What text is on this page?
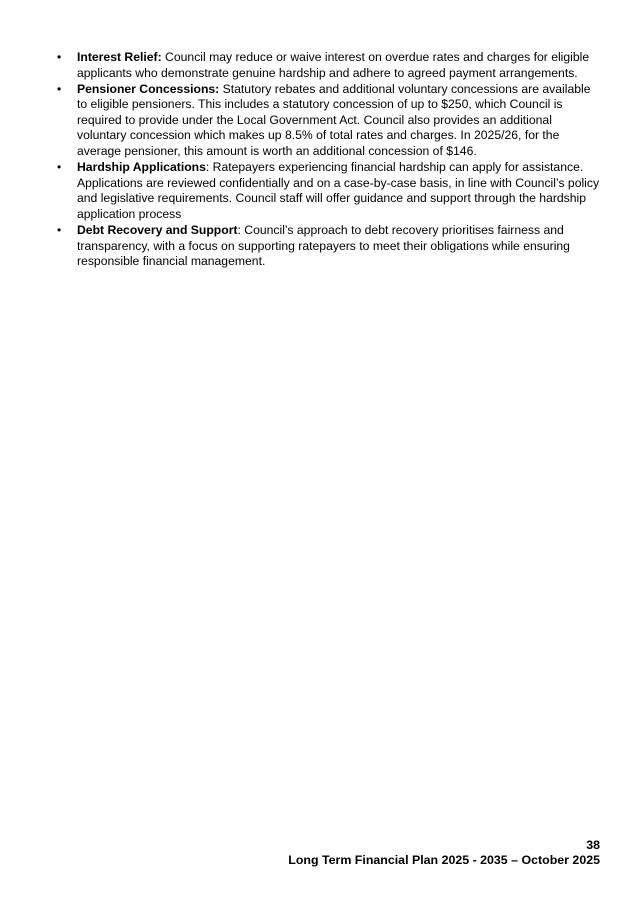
• Interest Relief: Council may reduce or waive interest on overdue rates and charges for eligible applicants who demonstrate genuine hardship and adhere to agreed payment arrangements.
• Pensioner Concessions: Statutory rebates and additional voluntary concessions are available to eligible pensioners. This includes a statutory concession of up to $250, which Council is required to provide under the Local Government Act. Council also provides an additional voluntary concession which makes up 8.5% of total rates and charges. In 2025/26, for the average pensioner, this amount is worth an additional concession of $146.
• Hardship Applications: Ratepayers experiencing financial hardship can apply for assistance. Applications are reviewed confidentially and on a case-by-case basis, in line with Council’s policy and legislative requirements. Council staff will offer guidance and support through the hardship application process
• Debt Recovery and Support: Council’s approach to debt recovery prioritises fairness and transparency, with a focus on supporting ratepayers to meet their obligations while ensuring responsible financial management.
38
Long Term Financial Plan 2025 - 2035 – October 2025
